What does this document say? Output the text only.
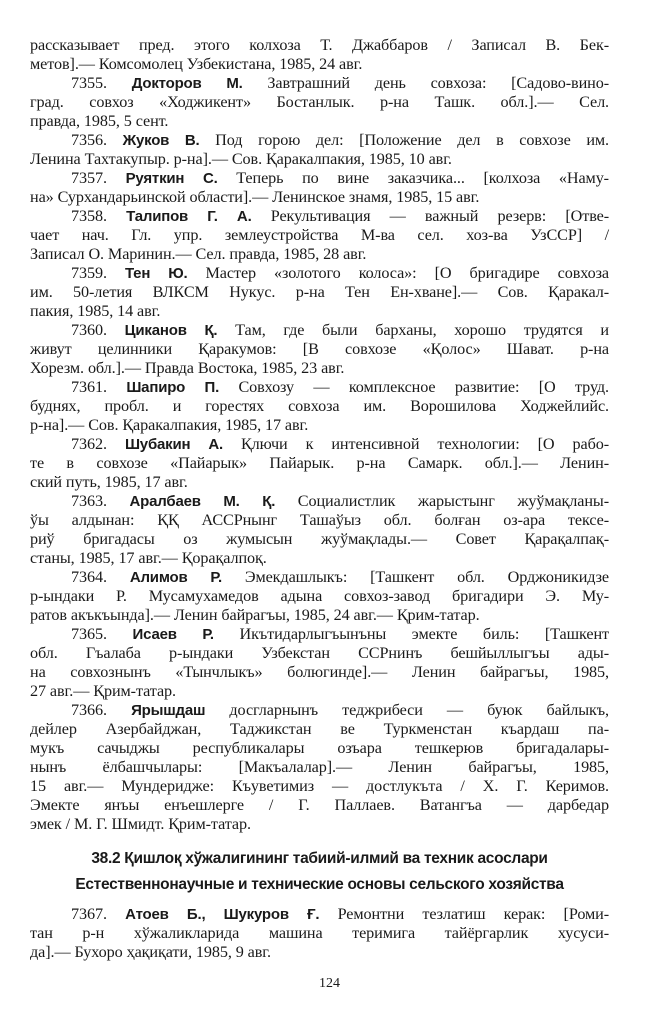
рассказывает пред. этого колхоза Т. Джаббаров / Записал В. Бек-
метов].— Комсомолец Узбекистана, 1985, 24 авг.
7355. Докторов М. Завтрашний день совхоза: [Садово-вино-
град. совхоз «Ходжикент» Бостанлык. р-на Ташк. обл.].— Сел.
правда, 1985, 5 сент.
7356. Жуков В. Под горою дел: [Положение дел в совхозе им.
Ленина Тахтакупыр. р-на].— Сов. Қаракалпакия, 1985, 10 авг.
7357. Руяткин С. Теперь по вине заказчика... [колхоза «Наму-
на» Сурхандарьинской области].— Ленинское знамя, 1985, 15 авг.
7358. Талипов Г. А. Рекультивация — важный резерв: [Отве-
чает нач. Гл. упр. землеустройства М-ва сел. хоз-ва УзССР] /
Записал О. Маринин.— Сел. правда, 1985, 28 авг.
7359. Тен Ю. Мастер «золотого колоса»: [О бригадире совхоза
им. 50-летия ВЛКСМ Нукус. р-на Тен Ен-хване].— Сов. Қаракал-
пакия, 1985, 14 авг.
7360. Циканов Қ. Там, где были барханы, хорошо трудятся и
живут целинники Қаракумов: [В совхозе «Қолос» Шават. р-на
Хорезм. обл.].— Правда Востока, 1985, 23 авг.
7361. Шапиро П. Совхозу — комплексное развитие: [О труд.
буднях, пробл. и горестях совхоза им. Ворошилова Ходжейлийс.
р-на].— Сов. Қаракалпакия, 1985, 17 авг.
7362. Шубакин А. Қлючи к интенсивной технологии: [О рабо-
те в совхозе «Пайарык» Пайарык. р-на Самарк. обл.].— Ленин-
ский путь, 1985, 17 авг.
7363. Аралбаев М. Қ. Социалистлик жарыстынг жуўмақланы-
ўы алдынан: ҚҚ АССРнынг Ташаўыз обл. болған оз-ара тексе-
риў бригадасы оз жумысын жуўмақлады.— Совет Қарақалпақ-
станы, 1985, 17 авг.— Қорақалпоқ.
7364. Алимов Р. Эмекдашлыкъ: [Ташкент обл. Орджоникидзе
р-ындаки Р. Мусамухамедов адына совхоз-завод бригадири Э. Му-
ратов акъкъында].— Ленин байрагъы, 1985, 24 авг.— Қрим-татар.
7365. Исаев Р. Икътидарлыгъынъны эмекте биль: [Ташкент
обл. Гъалаба р-ындаки Узбекстан ССРнинъ бешйыллыгъы ады-
на совхознынъ «Тынчлыкъ» болюгинде].— Ленин байрагъы, 1985,
27 авг.— Қрим-татар.
7366. Ярышдаш досгларнынъ теджрибеси — буюк байлыкъ,
дейлер Азербайджан, Таджикстан ве Туркменстан къардаш па-
мукъ сачыджы республикалары озъара тешкерюв бригадалары-
нынъ ёлбашчылары: [Макъалалар].— Ленин байрагъы, 1985,
15 авг.— Мундеридже: Къуветимиз — достлукъта / Х. Г. Керимов.
Эмекте янъы енъешлерге / Г. Паллаев. Ватангъа — дарбедар
эмек / М. Г. Шмидт. Қрим-татар.
38.2 Қишлоқ хўжалигининг табиий-илмий ва техник асослари
Естественнонаучные и технические основы сельского хозяйства
7367. Атоев Б., Шукуров Ғ. Ремонтни тезлатиш керак: [Роми-
тан р-н хўжаликларида машина теримига тайёргарлик хусуси-
да].— Бухоро ҳақиқати, 1985, 9 авг.
124
